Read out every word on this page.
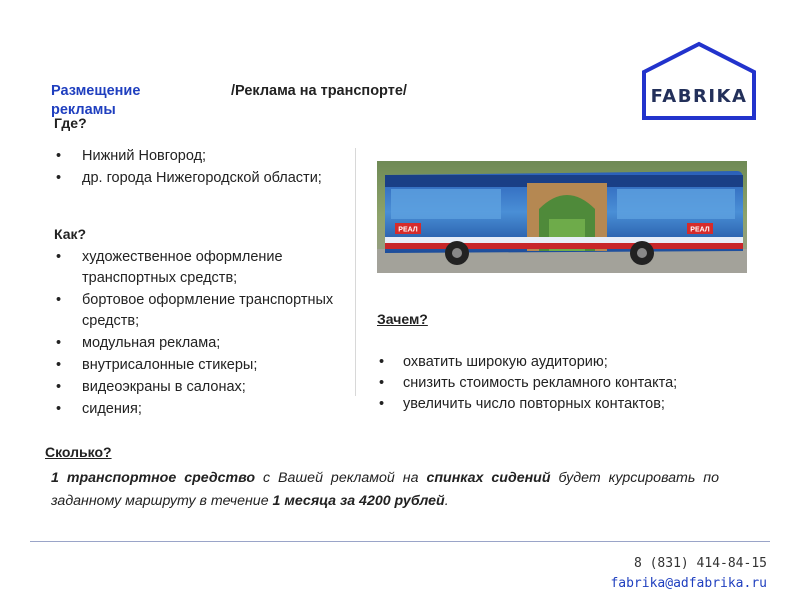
Размещение рекламы
/Реклама на транспорте/	FABRIKA
Где?
• Нижний Новгород;
• др. города Нижегородской области;
Как?
• художественное оформление транспортных средств;
• бортовое оформление транспортных средств;
• модульная реклама;
• внутрисалонные стикеры;
• видеоэкраны в салонах;
• сидения;
РЕАЛ	РЕАЛ
Зачем?
• охватить широкую аудиторию;
• снизить стоимость рекламного контакта;
• увеличить число повторных контактов;
Сколько?
1 транспортное средство с Вашей рекламой на спинках сидений будет курсировать по заданному маршруту в течение 1 месяца за 4200 рублей.
8 (831) 414-84-15
fabrika@adfabrika.ru
